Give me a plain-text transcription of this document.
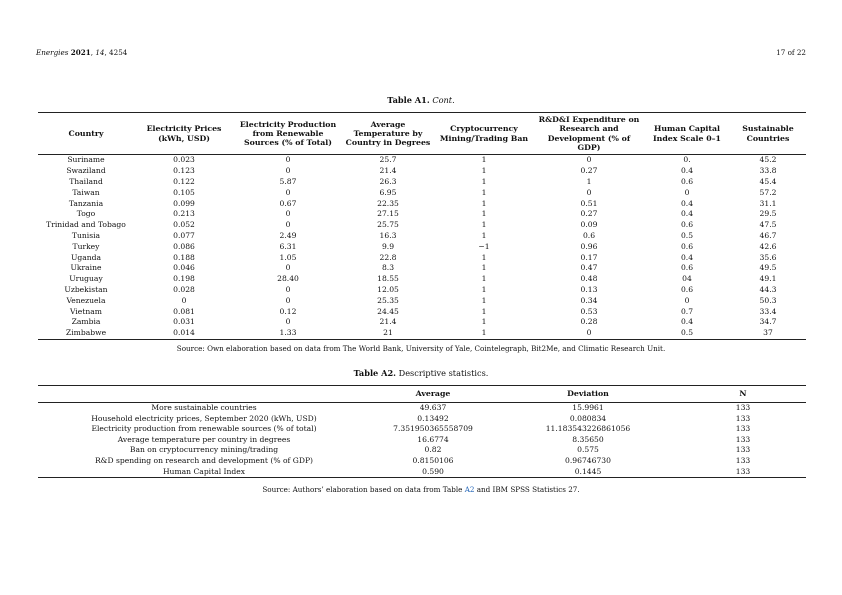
Energies 2021, 14, 4254	17 of 22
Table A1. Cont.
Country	Electricity Prices (kWh, USD)	Electricity Production from Renewable Sources (% of Total)	Average Temperature by Country in Degrees	Cryptocurrency Mining/Trading Ban	R&D&I Expenditure on Research and Development (% of GDP)	Human Capital Index Scale 0–1	Sustainable Countries
Suriname	0.023	0	25.7	1	0	0.	45.2
Swaziland	0.123	0	21.4	1	0.27	0.4	33.8
Thailand	0.122	5.87	26.3	1	1	0.6	45.4
Taiwan	0.105	0	6.95	1	0	0	57.2
Tanzania	0.099	0.67	22.35	1	0.51	0.4	31.1
Togo	0.213	0	27.15	1	0.27	0.4	29.5
Trinidad and Tobago	0.052	0	25.75	1	0.09	0.6	47.5
Tunisia	0.077	2.49	16.3	1	0.6	0.5	46.7
Turkey	0.086	6.31	9.9	−1	0.96	0.6	42.6
Uganda	0.188	1.05	22.8	1	0.17	0.4	35.6
Ukraine	0.046	0	8.3	1	0.47	0.6	49.5
Uruguay	0.198	28.40	18.55	1	0.48	04	49.1
Uzbekistan	0.028	0	12.05	1	0.13	0.6	44.3
Venezuela	0	0	25.35	1	0.34	0	50.3
Vietnam	0.081	0.12	24.45	1	0.53	0.7	33.4
Zambia	0.031	0	21.4	1	0.28	0.4	34.7
Zimbabwe	0.014	1.33	21	1	0	0.5	37
Source: Own elaboration based on data from The World Bank, University of Yale, Cointelegraph, Bit2Me, and Climatic Research Unit.
Table A2. Descriptive statistics.
	Average	Deviation	N
More sustainable countries	49.637	15.9961	133
Household electricity prices, September 2020 (kWh, USD)	0.13492	0.080834	133
Electricity production from renewable sources (% of total)	7.351950365558709	11.183543226861056	133
Average temperature per country in degrees	16.6774	8.35650	133
Ban on cryptocurrency mining/trading	0.82	0.575	133
R&D spending on research and development (% of GDP)	0.8150106	0.96746730	133
Human Capital Index	0.590	0.1445	133
Source: Authors’ elaboration based on data from Table A2 and IBM SPSS Statistics 27.
